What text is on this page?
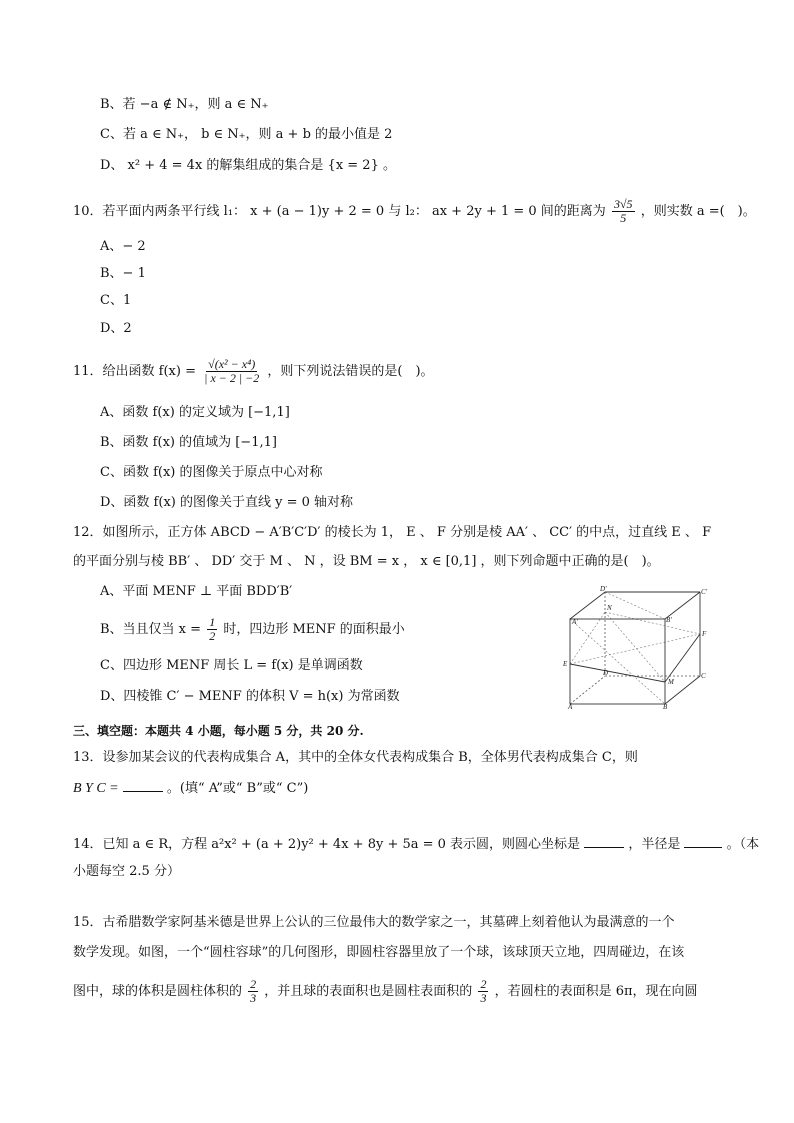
B、若 −a ∉ N₊，则 a ∈ N₊
C、若 a ∈ N₊， b ∈ N₊，则 a + b 的最小值是 2
D、 x² + 4 = 4x 的解集组成的集合是 {x = 2} 。
10．若平面内两条平行线 l₁： x + (a − 1)y + 2 = 0 与 l₂： ax + 2y + 1 = 0 间的距离为 $\frac{3√5}{5}$ ，则实数 a =(　)。
A、− 2
B、− 1
C、1
D、2
11．给出函数 $f(x) = \frac{\text{√(x² − x⁴)}}{| x - 2 | -2}$ ，则下列说法错误的是(　)。
A、函数 f(x) 的定义域为 [−1,1]
B、函数 f(x) 的值域为 [−1,1]
C、函数 f(x) 的图像关于原点中心对称
D、函数 f(x) 的图像关于直线 y = 0 轴对称
12．如图所示，正方体 ABCD − A′B′C′D′ 的棱长为 1， E 、 F 分别是棱 AA′ 、 CC′ 的中点，过直线 E 、 F
的平面分别与棱 BB′ 、 DD′ 交于 M 、 N ，设 BM = x ， x ∈ [0,1] ，则下列命题中正确的是(　)。
A、平面 MENF ⊥ 平面 BDD′B′
B、当且仅当 $x = \frac{1}{2}$ 时，四边形 MENF 的面积最小
C、四边形 MENF 周长 L = f(x) 是单调函数
D、四棱锥 C′ − MENF 的体积 V = h(x) 为常函数
D′	C′
N
A′	B′
F
E
D
M
C
A	B
三、填空题：本题共 4 小题，每小题 5 分，共 20 分.
13．设参加某会议的代表构成集合 A，其中的全体女代表构成集合 B，全体男代表构成集合 C，则
B Y C =	。(填“ A”或“ B”或“ C”)
14．已知 a ∈ R，方程 a²x² + (a + 2)y² + 4x + 8y + 5a = 0 表示圆，则圆心坐标是	，半径是	。（本
小题每空 2.5 分）
15．古希腊数学家阿基米德是世界上公认的三位最伟大的数学家之一，其墓碑上刻着他认为最满意的一个
数学发现。如图，一个“圆柱容球”的几何图形，即圆柱容器里放了一个球，该球顶天立地，四周碰边，在该
图中，球的体积是圆柱体积的 $\frac{2}{3}$ ，并且球的表面积也是圆柱表面积的 $\frac{2}{3}$ ，若圆柱的表面积是 6π，现在向圆
